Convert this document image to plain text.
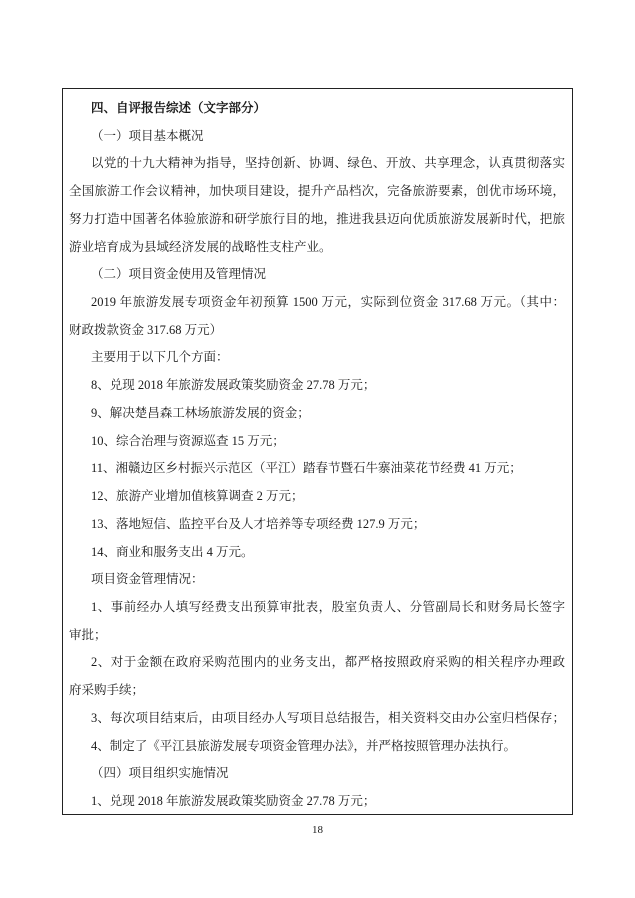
四、自评报告综述（文字部分）
（一）项目基本概况
以党的十九大精神为指导，坚持创新、协调、绿色、开放、共享理念，认真贯彻落实
全国旅游工作会议精神，加快项目建设，提升产品档次，完备旅游要素，创优市场环境，
努力打造中国著名体验旅游和研学旅行目的地，推进我县迈向优质旅游发展新时代，把旅
游业培育成为县域经济发展的战略性支柱产业。
（二）项目资金使用及管理情况
2019 年旅游发展专项资金年初预算 1500 万元，实际到位资金 317.68 万元。（其中：
财政拨款资金 317.68 万元）
主要用于以下几个方面：
8、兑现 2018 年旅游发展政策奖励资金 27.78 万元；
9、解决楚昌森工林场旅游发展的资金；
10、综合治理与资源巡查 15 万元；
11、湘赣边区乡村振兴示范区（平江）踏春节暨石牛寨油菜花节经费 41 万元；
12、旅游产业增加值核算调查 2 万元；
13、落地短信、监控平台及人才培养等专项经费 127.9 万元；
14、商业和服务支出 4 万元。
项目资金管理情况：
1、事前经办人填写经费支出预算审批表，股室负责人、分管副局长和财务局长签字
审批；
2、对于金额在政府采购范围内的业务支出，都严格按照政府采购的相关程序办理政
府采购手续；
3、每次项目结束后，由项目经办人写项目总结报告，相关资料交由办公室归档保存；
4、制定了《平江县旅游发展专项资金管理办法》，并严格按照管理办法执行。
（四）项目组织实施情况
1、兑现 2018 年旅游发展政策奖励资金 27.78 万元；
18
